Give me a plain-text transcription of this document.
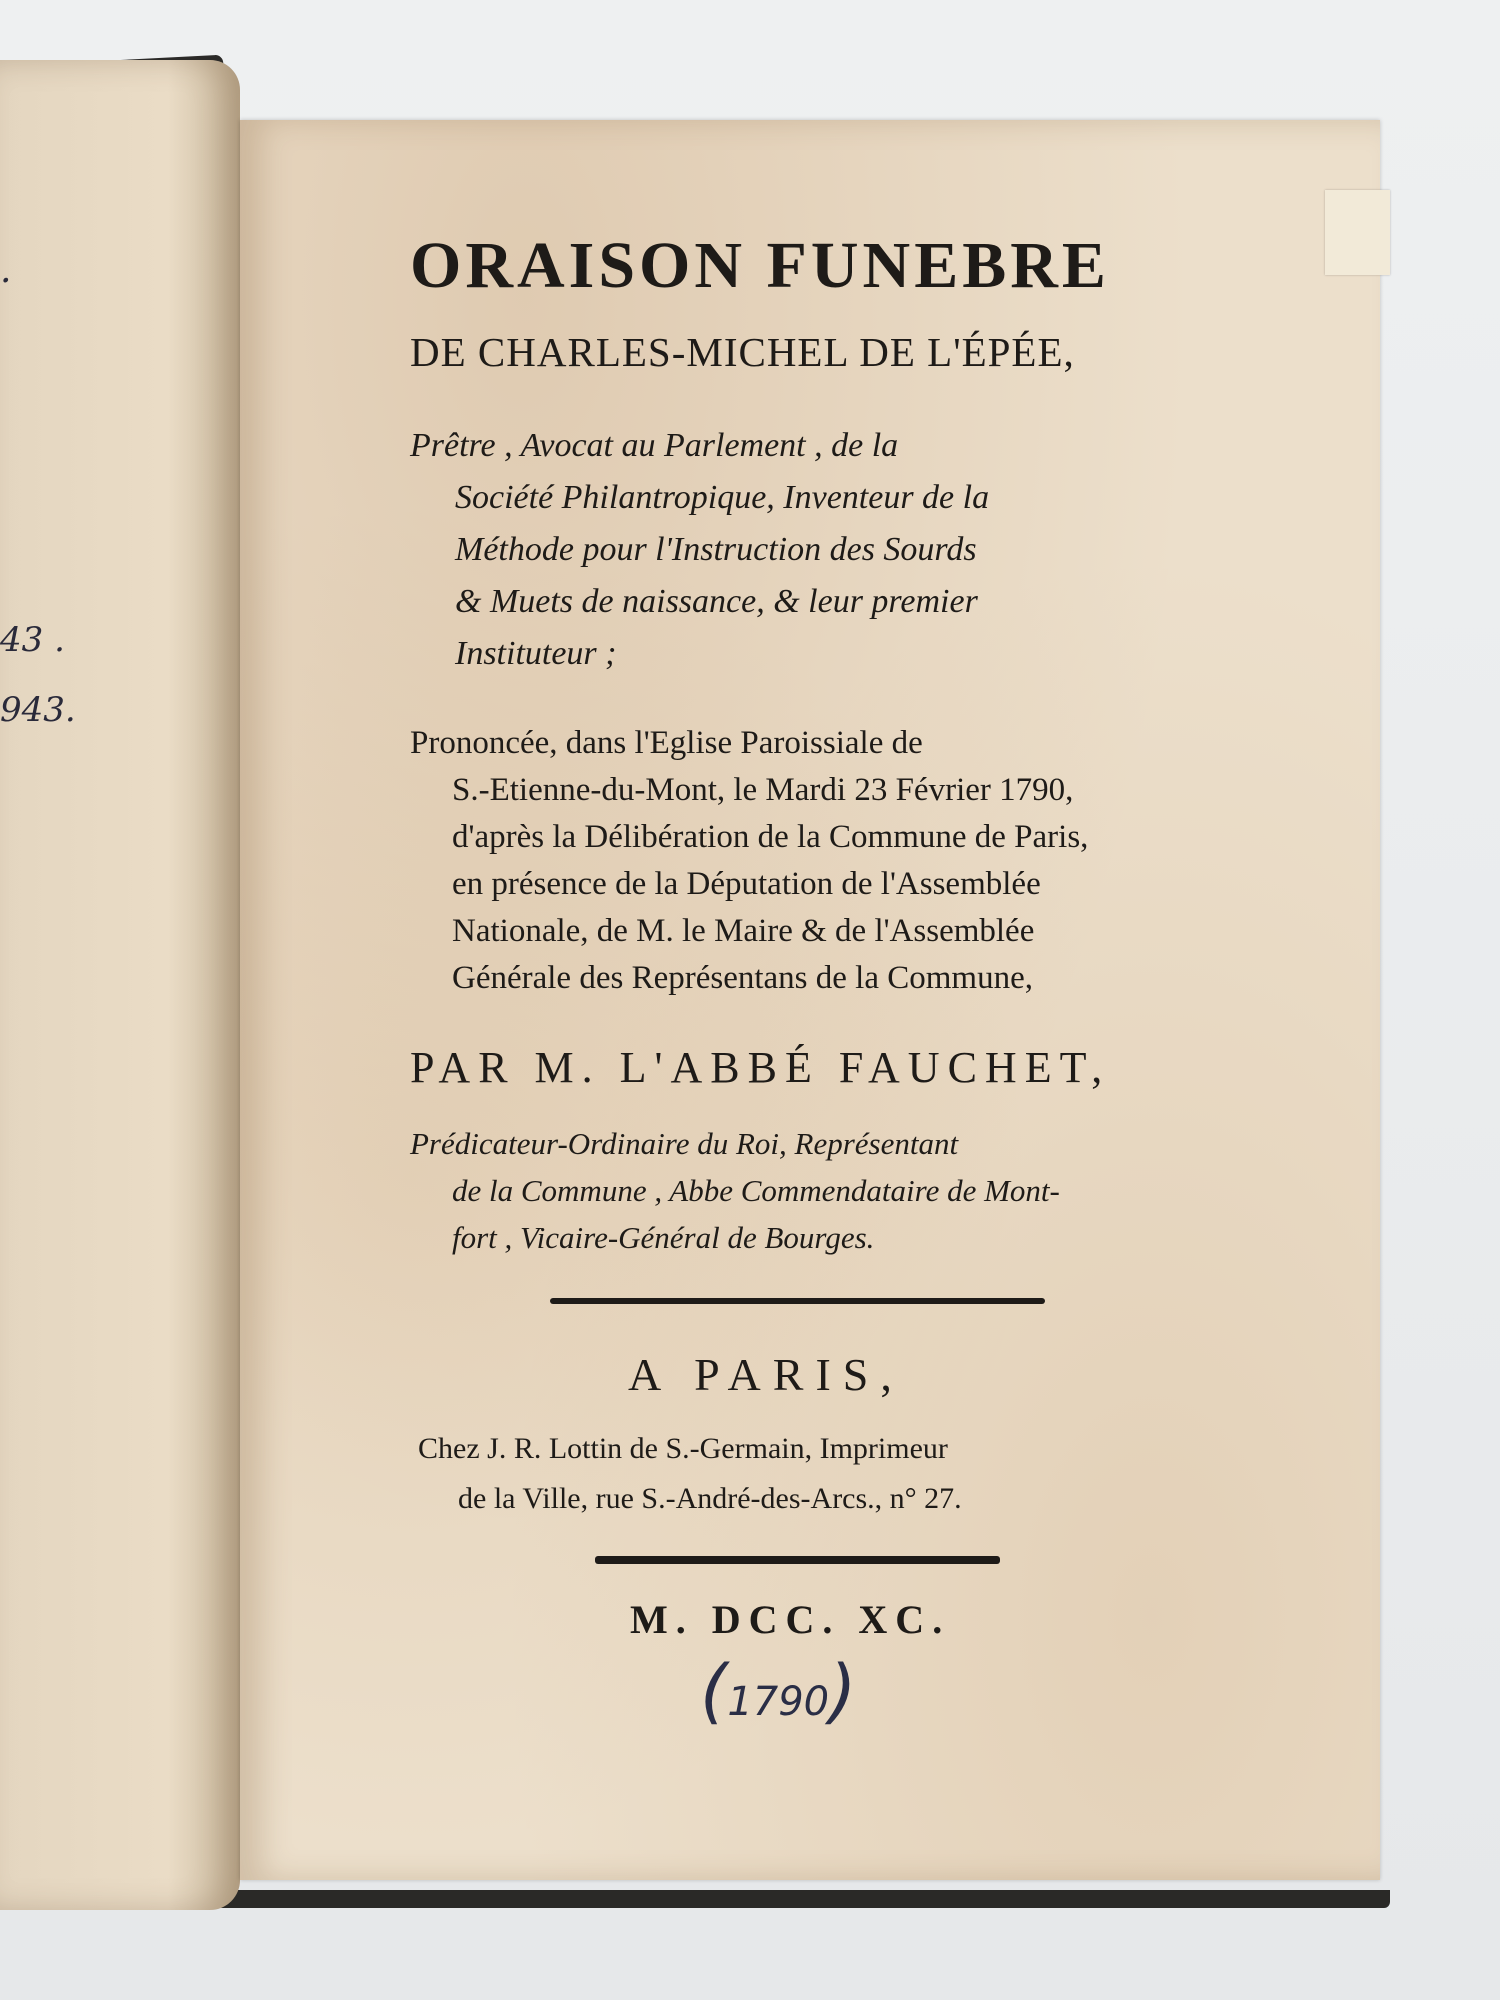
.
43 .
943.
ORAISON FUNEBRE
DE CHARLES-MICHEL DE L'ÉPÉE,
Prêtre , Avocat au Parlement , de la
Société Philantropique, Inventeur de la
Méthode pour l'Instruction des Sourds
& Muets de naissance, & leur premier
Instituteur ;
Prononcée, dans l'Eglise Paroissiale de
S.-Etienne-du-Mont, le Mardi 23 Février 1790,
d'après la Délibération de la Commune de Paris,
en présence de la Députation de l'Assemblée
Nationale, de M. le Maire & de l'Assemblée
Générale des Représentans de la Commune,
PAR M. L'ABBÉ FAUCHET,
Prédicateur-Ordinaire du Roi, Représentant
de la Commune , Abbe Commendataire de Mont-
fort , Vicaire-Général de Bourges.
A PARIS,
Chez J. R. Lottin de S.-Germain, Imprimeur
de la Ville, rue S.-André-des-Arcs., n° 27.
M. DCC. XC.
(1790)
